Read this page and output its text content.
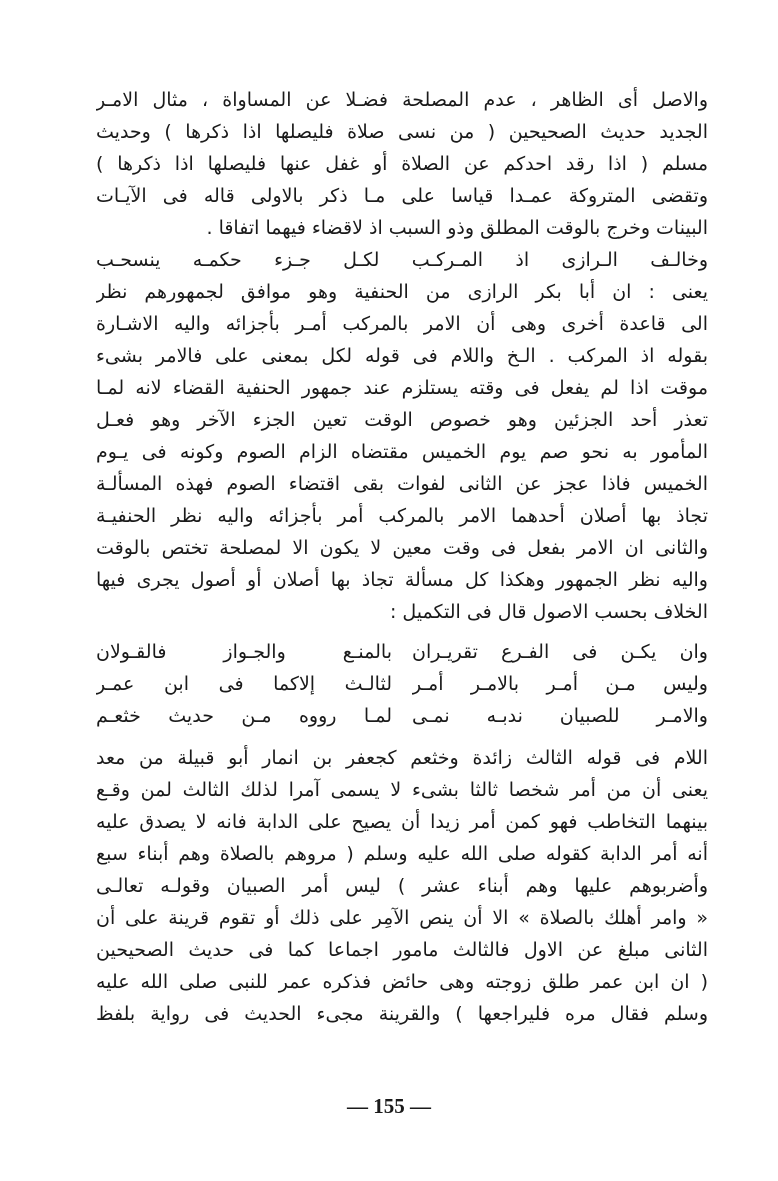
والاصل أى الظاهر ، عدم المصلحة فضـلا عن المساواة ، مثال الامـر
الجديد حديث الصحيحين ( من نسى صلاة فليصلها اذا ذكرها ) وحديث
مسلم ( اذا رقد احدكم عن الصلاة أو غفل عنها فليصلها اذا ذكرها )
وتقضى المتروكة عمـدا قياسا على مـا ذكر بالاولى قاله فى الآيـات
البينات وخرج بالوقت المطلق وذو السبب اذ لاقضاء فيهما اتفاقا .
وخالـف الـرازى اذ المـركـب لكـل جـزء حكمـه ينسحـب
يعنى : ان أبا بكر الرازى من الحنفية وهو موافق لجمهورهم نظر
الى قاعدة أخرى وهى أن الامر بالمركب أمـر بأجزائه واليه الاشـارة
بقوله اذ المركب . الـخ واللام فى قوله لكل بمعنى على فالامر بشىء
موقت اذا لم يفعل فى وقته يستلزم عند جمهور الحنفية القضاء لانه لمـا
تعذر أحد الجزئين وهو خصوص الوقت تعين الجزء الآخر وهو فعـل
المأمور به نحو صم يوم الخميس مقتضاه الزام الصوم وكونه فى يـوم
الخميس فاذا عجز عن الثانى لفوات بقى اقتضاء الصوم فهذه المسألـة
تجاذ بها أصلان أحدهما الامر بالمركب أمر بأجزائه واليه نظر الحنفيـة
والثانى ان الامر بفعل فى وقت معين لا يكون الا لمصلحة تختص بالوقت
واليه نظر الجمهور وهكذا كل مسألة تجاذ بها أصلان أو أصول يجرى فيها
الخلاف بحسب الاصول قال فى التكميل :
وان يكـن فى الفـرع تقريـران
بالمنـع والجـواز فالقـولان
وليس مـن أمـر بالامـر أمـر
لثالـث إلاكما فى ابن عمـر
والامـر للصبيان ندبـه نمـى
لمـا رووه مـن حديث خثعـم
اللام فى قوله الثالث زائدة وخثعم كجعفر بن انمار أبو قبيلة من معد
يعنى أن من أمر شخصا ثالثا بشىء لا يسمى آمرا لذلك الثالث لمن وقـع
بينهما التخاطب فهو كمن أمر زيدا أن يصيح على الدابة فانه لا يصدق عليه
أنه أمر الدابة كقوله صلى الله عليه وسلم ( مروهم بالصلاة وهم أبناء سبع
وأضربوهم عليها وهم أبناء عشر ) ليس أمر الصبيان وقولـه تعالـى
« وامر أهلك بالصلاة » الا أن ينص الآمِر على ذلك أو تقوم قرينة على أن
الثانى مبلغ عن الاول فالثالث مامور اجماعا كما فى حديث الصحيحين
( ان ابن عمر طلق زوجته وهى حائض فذكره عمر للنبى صلى الله عليه
وسلم فقال مره فليراجعها ) والقرينة مجىء الحديث فى رواية بلفظ
— 155 —
